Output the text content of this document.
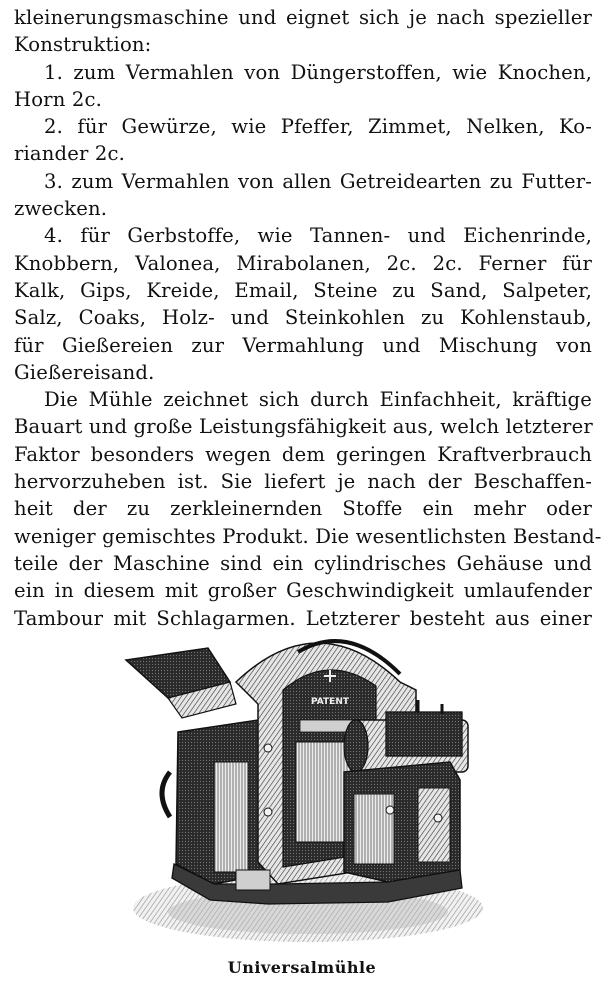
kleinerungsmaschine und eignet sich je nach spezieller
Konstruktion:
1. zum Vermahlen von Düngerstoffen, wie Knochen,
Horn 2c.
2. für Gewürze, wie Pfeffer, Zimmet, Nelken, Ko-
riander 2c.
3. zum Vermahlen von allen Getreidearten zu Futter-
zwecken.
4. für Gerbstoffe, wie Tannen- und Eichenrinde,
Knobbern, Valonea, Mirabolanen, 2c. 2c. Ferner für
Kalk, Gips, Kreide, Email, Steine zu Sand, Salpeter,
Salz, Coaks, Holz- und Steinkohlen zu Kohlenstaub,
für Gießereien zur Vermahlung und Mischung von
Gießereisand.
Die Mühle zeichnet sich durch Einfachheit, kräftige
Bauart und große Leistungsfähigkeit aus, welch letzterer
Faktor besonders wegen dem geringen Kraftverbrauch
hervorzuheben ist. Sie liefert je nach der Beschaffen-
heit der zu zerkleinernden Stoffe ein mehr oder
weniger gemischtes Produkt. Die wesentlichsten Bestand-
teile der Maschine sind ein cylindrisches Gehäuse und
ein in diesem mit großer Geschwindigkeit umlaufender
Tambour mit Schlagarmen. Letzterer besteht aus einer
PATENT
Universalmühle
